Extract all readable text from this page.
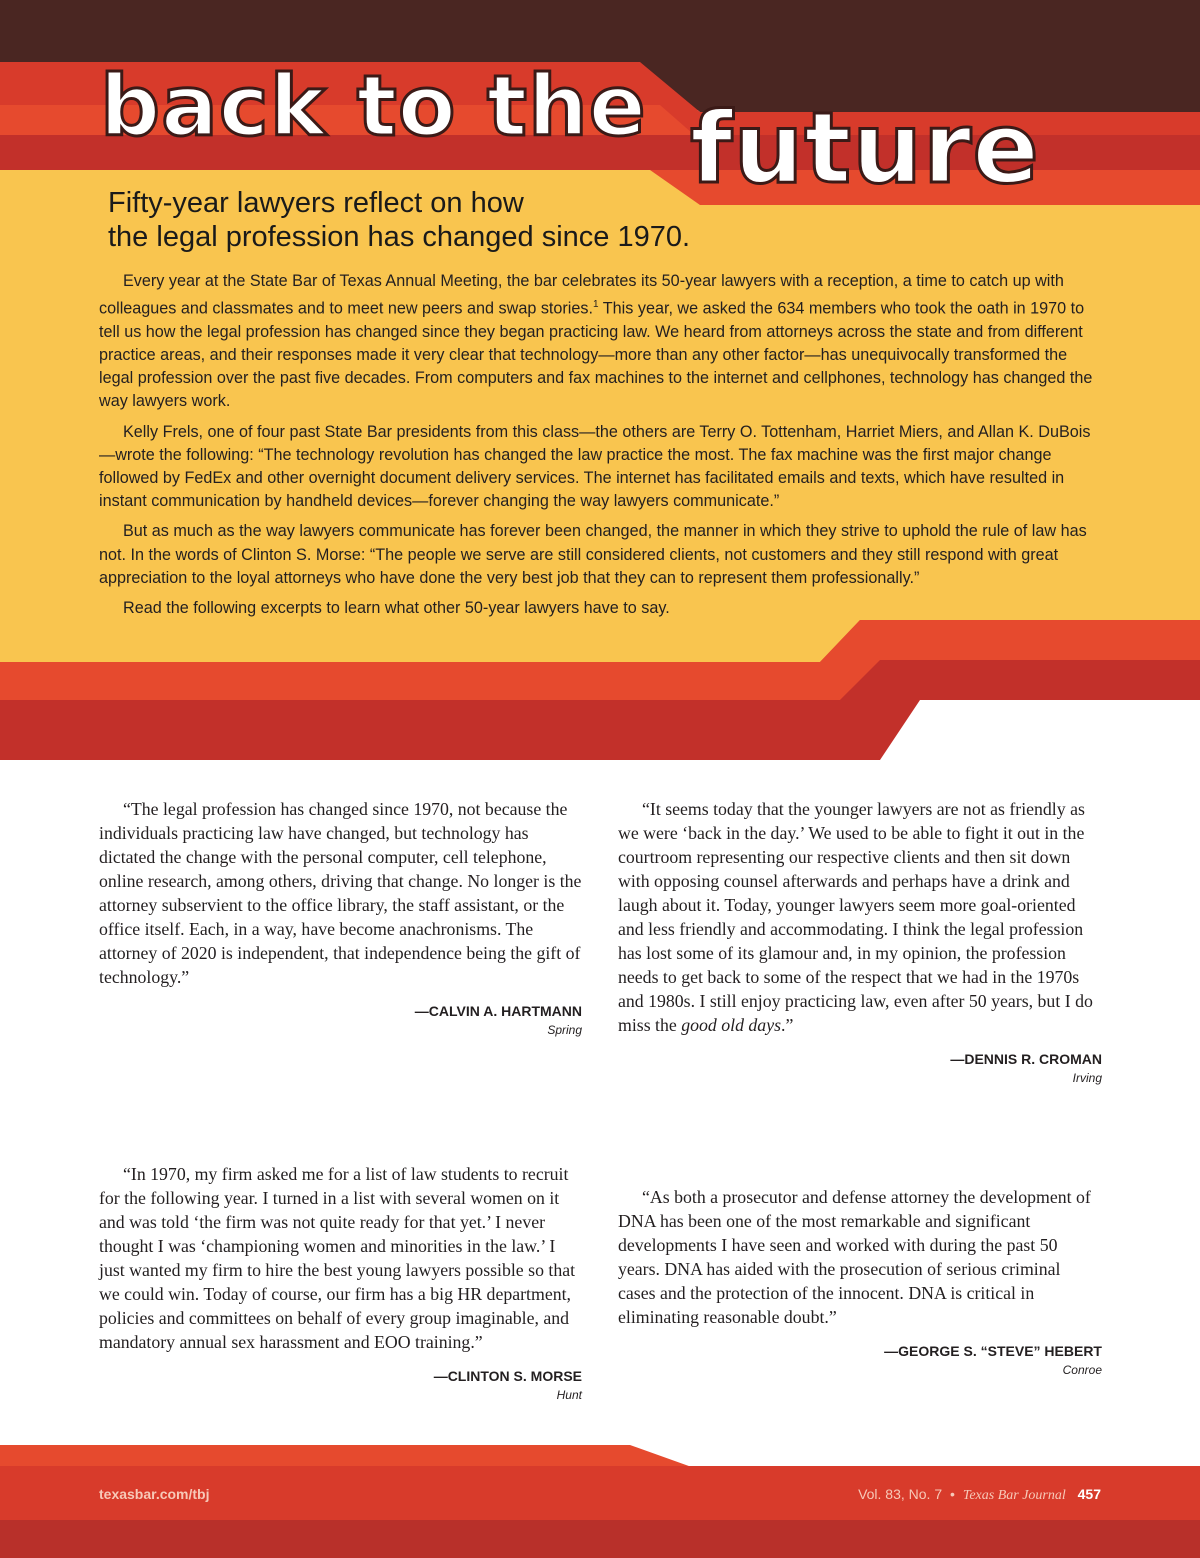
back to the future
Fifty-year lawyers reflect on how
the legal profession has changed since 1970.

Every year at the State Bar of Texas Annual Meeting, the bar celebrates its 50-year lawyers with a reception, a time to catch up with colleagues and classmates and to meet new peers and swap stories.$^1$ This year, we asked the 634 members who took the oath in 1970 to tell us how the legal profession has changed since they began practicing law. We heard from attorneys across the state and from different practice areas, and their responses made it very clear that technology—more than any other factor—has unequivocally transformed the legal profession over the past five decades. From computers and fax machines to the internet and cellphones, technology has changed the way lawyers work.

Kelly Frels, one of four past State Bar presidents from this class—the others are Terry O. Tottenham, Harriet Miers, and Allan K. DuBois—wrote the following: “The technology revolution has changed the law practice the most. The fax machine was the first major change followed by FedEx and other overnight document delivery services. The internet has facilitated emails and texts, which have resulted in instant communication by handheld devices—forever changing the way lawyers communicate.”

But as much as the way lawyers communicate has forever been changed, the manner in which they strive to uphold the rule of law has not. In the words of Clinton S. Morse: “The people we serve are still considered clients, not customers and they still respond with great appreciation to the loyal attorneys who have done the very best job that they can to represent them professionally.”

Read the following excerpts to learn what other 50-year lawyers have to say.

“The legal profession has changed since 1970, not because the individuals practicing law have changed, but technology has dictated the change with the personal computer, cell telephone, online research, among others, driving that change. No longer is the attorney subservient to the office library, the staff assistant, or the office itself. Each, in a way, have become anachronisms. The attorney of 2020 is independent, that independence being the gift of technology.”

—CALVIN A. HARTMANN
Spring

“It seems today that the younger lawyers are not as friendly as we were ‘back in the day.’ We used to be able to fight it out in the courtroom representing our respective clients and then sit down with opposing counsel afterwards and perhaps have a drink and laugh about it. Today, younger lawyers seem more goal-oriented and less friendly and accommodating. I think the legal profession has lost some of its glamour and, in my opinion, the profession needs to get back to some of the respect that we had in the 1970s and 1980s. I still enjoy practicing law, even after 50 years, but I do miss the good old days.”

—DENNIS R. CROMAN
Irving

“In 1970, my firm asked me for a list of law students to recruit for the following year. I turned in a list with several women on it and was told ‘the firm was not quite ready for that yet.’ I never thought I was ‘championing women and minorities in the law.’ I just wanted my firm to hire the best young lawyers possible so that we could win. Today of course, our firm has a big HR department, policies and committees on behalf of every group imaginable, and mandatory annual sex harassment and EOO training.”

—CLINTON S. MORSE
Hunt

“As both a prosecutor and defense attorney the development of DNA has been one of the most remarkable and significant developments I have seen and worked with during the past 50 years. DNA has aided with the prosecution of serious criminal cases and the protection of the innocent. DNA is critical in eliminating reasonable doubt.”

—GEORGE S. “STEVE” HEBERT
Conroe
texasbar.com/tbj	Vol. 83, No. 7 • Texas Bar Journal 457
